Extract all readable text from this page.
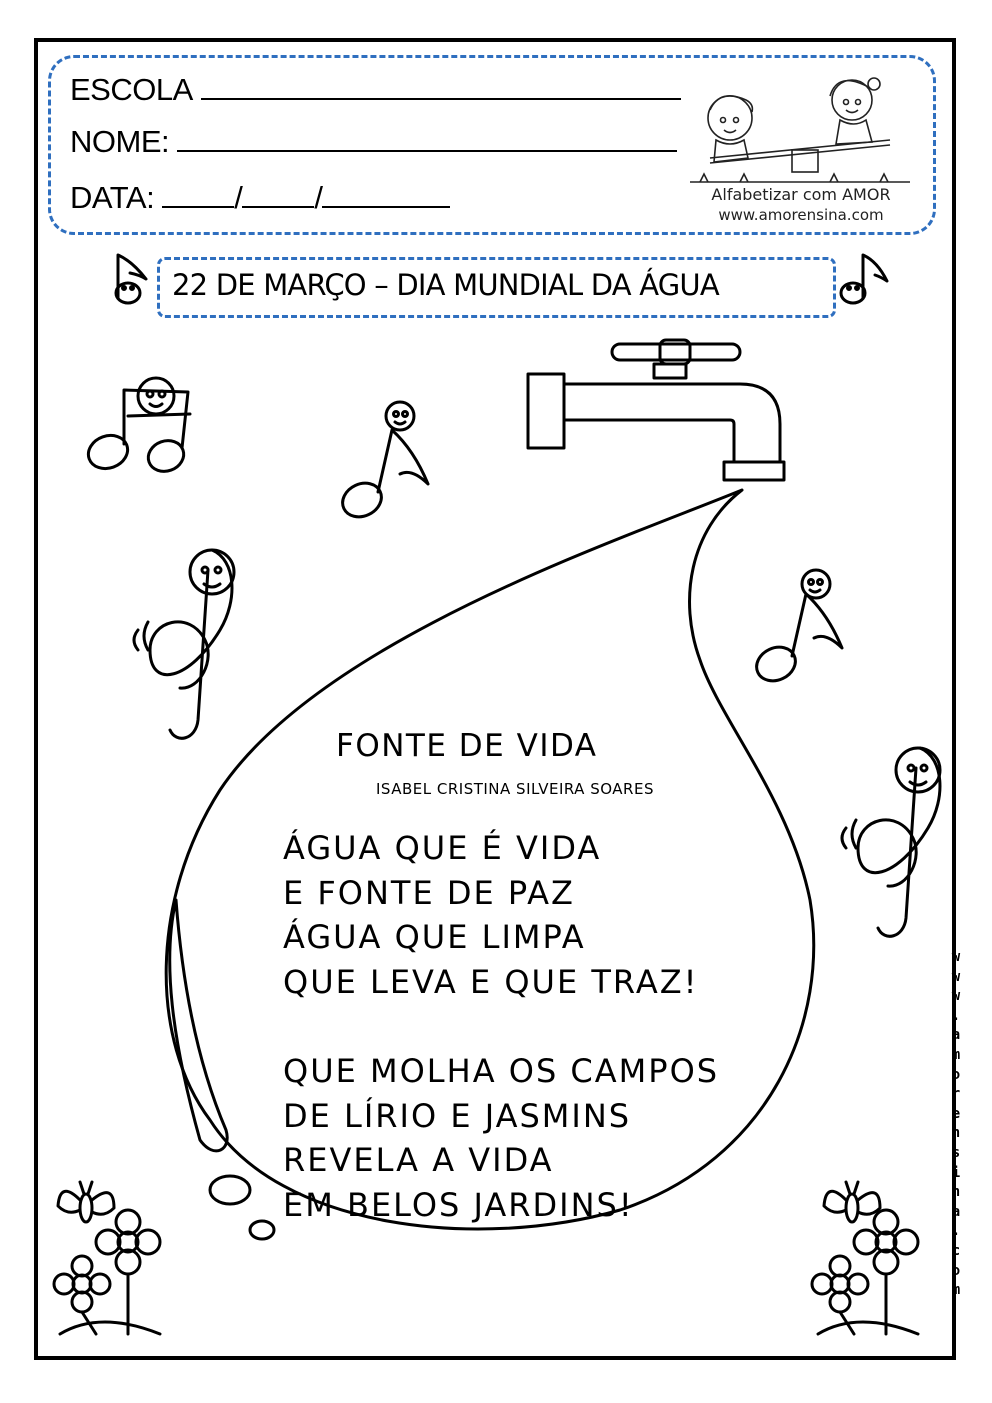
ESCOLA
NOME:
DATA:	/ /	Alfabetizar com AMOR
www.amorensina.com
22 DE MARÇO – DIA MUNDIAL DA ÁGUA
FONTE DE VIDA
ISABEL CRISTINA SILVEIRA SOARES
ÁGUA QUE É VIDA
E FONTE DE PAZ
ÁGUA QUE LIMPA
QUE LEVA E QUE TRAZ!
QUE MOLHA OS CAMPOS
DE LÍRIO E JASMINS
REVELA A VIDA
EM BELOS JARDINS!
w
w
w
.
a
m
o
r
e
n
s
i
n
a
.
c
o
m
